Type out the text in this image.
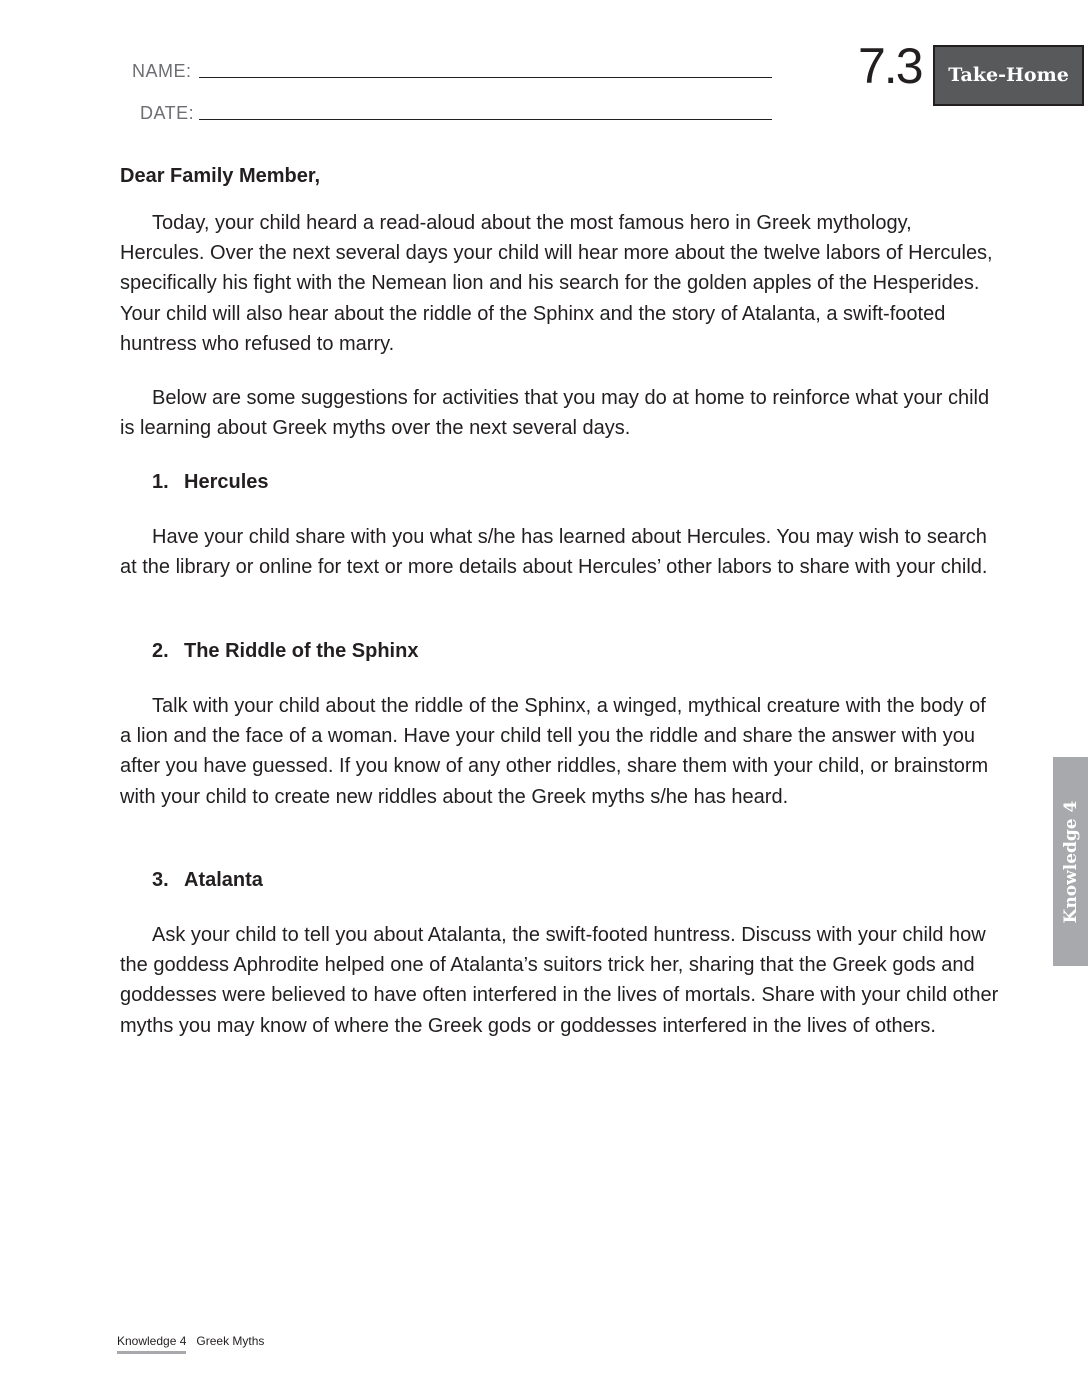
NAME:
DATE:
7.3	Take-Home
Dear Family Member,

Today, your child heard a read-aloud about the most famous hero in Greek mythology, Hercules. Over the next several days your child will hear more about the twelve labors of Hercules, specifically his fight with the Nemean lion and his search for the golden apples of the Hesperides. Your child will also hear about the riddle of the Sphinx and the story of Atalanta, a swift-footed huntress who refused to marry.

Below are some suggestions for activities that you may do at home to reinforce what your child is learning about Greek myths over the next several days.

1. Hercules

Have your child share with you what s/he has learned about Hercules. You may wish to search at the library or online for text or more details about Hercules’ other labors to share with your child.

2. The Riddle of the Sphinx

Talk with your child about the riddle of the Sphinx, a winged, mythical creature with the body of a lion and the face of a woman. Have your child tell you the riddle and share the answer with you after you have guessed. If you know of any other riddles, share them with your child, or brainstorm with your child to create new riddles about the Greek myths s/he has heard.

3. Atalanta

Ask your child to tell you about Atalanta, the swift-footed huntress. Discuss with your child how the goddess Aphrodite helped one of Atalanta’s suitors trick her, sharing that the Greek gods and goddesses were believed to have often interfered in the lives of mortals. Share with your child other myths you may know of where the Greek gods or goddesses interfered in the lives of others.

Knowledge 4
Knowledge 4 Greek Myths
